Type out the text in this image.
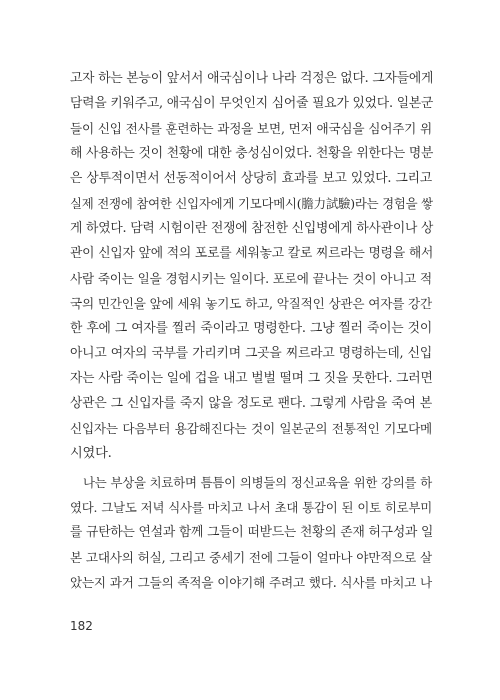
고자 하는 본능이 앞서서 애국심이나 나라 걱정은 없다. 그자들에게
담력을 키워주고, 애국심이 무엇인지 심어줄 필요가 있었다. 일본군
들이 신입 전사를 훈련하는 과정을 보면, 먼저 애국심을 심어주기 위
해 사용하는 것이 천황에 대한 충성심이었다. 천황을 위한다는 명분
은 상투적이면서 선동적이어서 상당히 효과를 보고 있었다. 그리고
실제 전쟁에 참여한 신입자에게 기모다메시(膽力試驗)라는 경험을 쌓
게 하였다. 담력 시험이란 전쟁에 참전한 신입병에게 하사관이나 상
관이 신입자 앞에 적의 포로를 세워놓고 칼로 찌르라는 명령을 해서
사람 죽이는 일을 경험시키는 일이다. 포로에 끝나는 것이 아니고 적
국의 민간인을 앞에 세워 놓기도 하고, 악질적인 상관은 여자를 강간
한 후에 그 여자를 찔러 죽이라고 명령한다. 그냥 찔러 죽이는 것이
아니고 여자의 국부를 가리키며 그곳을 찌르라고 명령하는데, 신입
자는 사람 죽이는 일에 겁을 내고 벌벌 떨며 그 짓을 못한다. 그러면
상관은 그 신입자를 죽지 않을 정도로 팬다. 그렇게 사람을 죽여 본
신입자는 다음부터 용감해진다는 것이 일본군의 전통적인 기모다메
시였다.
나는 부상을 치료하며 틈틈이 의병들의 정신교육을 위한 강의를 하
였다. 그날도 저녁 식사를 마치고 나서 초대 통감이 된 이토 히로부미
를 규탄하는 연설과 함께 그들이 떠받드는 천황의 존재 허구성과 일
본 고대사의 허실, 그리고 중세기 전에 그들이 얼마나 야만적으로 살
았는지 과거 그들의 족적을 이야기해 주려고 했다. 식사를 마치고 나
182
